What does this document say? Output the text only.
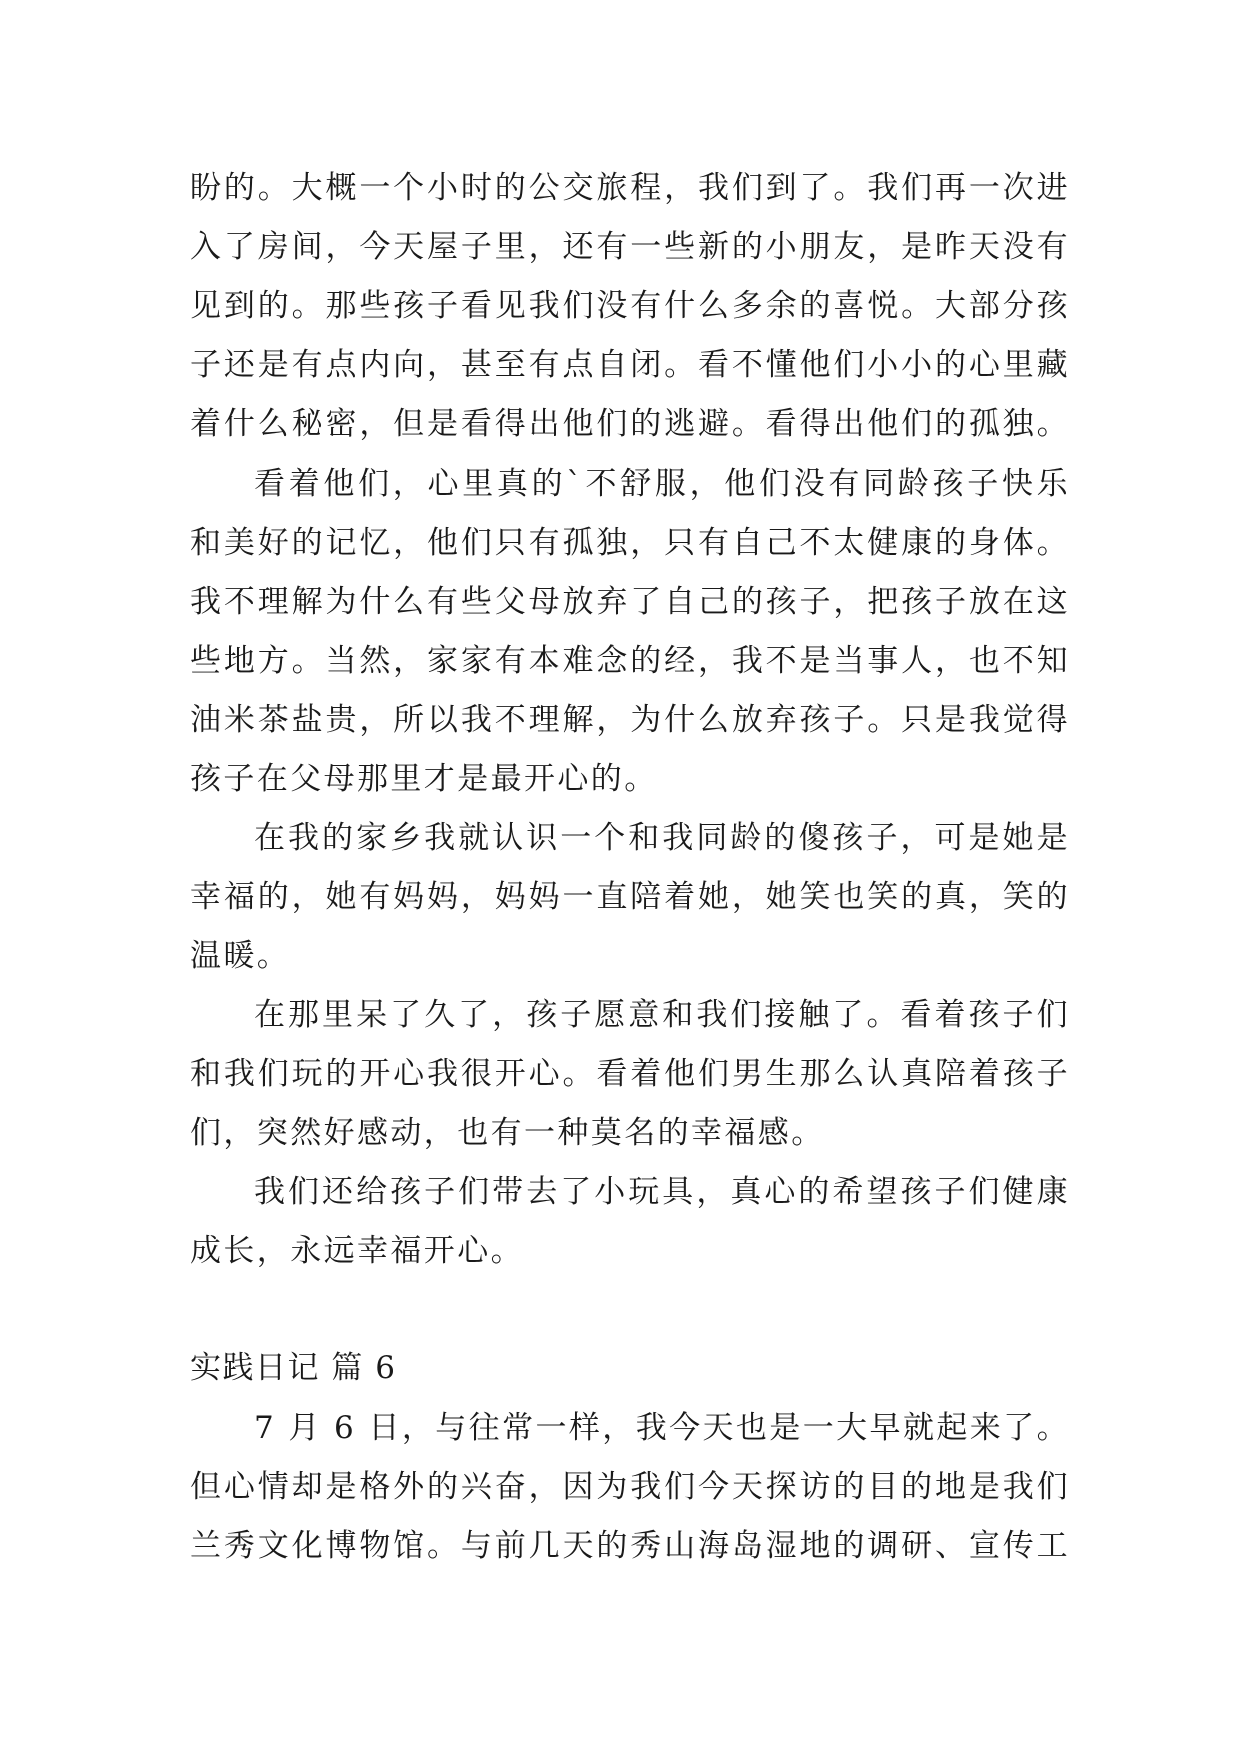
盼的。大概一个小时的公交旅程，我们到了。我们再一次进
入了房间，今天屋子里，还有一些新的小朋友，是昨天没有
见到的。那些孩子看见我们没有什么多余的喜悦。大部分孩
子还是有点内向，甚至有点自闭。看不懂他们小小的心里藏
着什么秘密，但是看得出他们的逃避。看得出他们的孤独。
看着他们，心里真的`不舒服，他们没有同龄孩子快乐
和美好的记忆，他们只有孤独，只有自己不太健康的身体。
我不理解为什么有些父母放弃了自己的孩子，把孩子放在这
些地方。当然，家家有本难念的经，我不是当事人，也不知
油米茶盐贵，所以我不理解，为什么放弃孩子。只是我觉得
孩子在父母那里才是最开心的。
在我的家乡我就认识一个和我同龄的傻孩子，可是她是
幸福的，她有妈妈，妈妈一直陪着她，她笑也笑的真，笑的
温暖。
在那里呆了久了，孩子愿意和我们接触了。看着孩子们
和我们玩的开心我很开心。看着他们男生那么认真陪着孩子
们，突然好感动，也有一种莫名的幸福感。
我们还给孩子们带去了小玩具，真心的希望孩子们健康
成长，永远幸福开心。
实践日记 篇 6
7 月 6 日，与往常一样，我今天也是一大早就起来了。
但心情却是格外的兴奋，因为我们今天探访的目的地是我们
兰秀文化博物馆。与前几天的秀山海岛湿地的调研、宣传工
